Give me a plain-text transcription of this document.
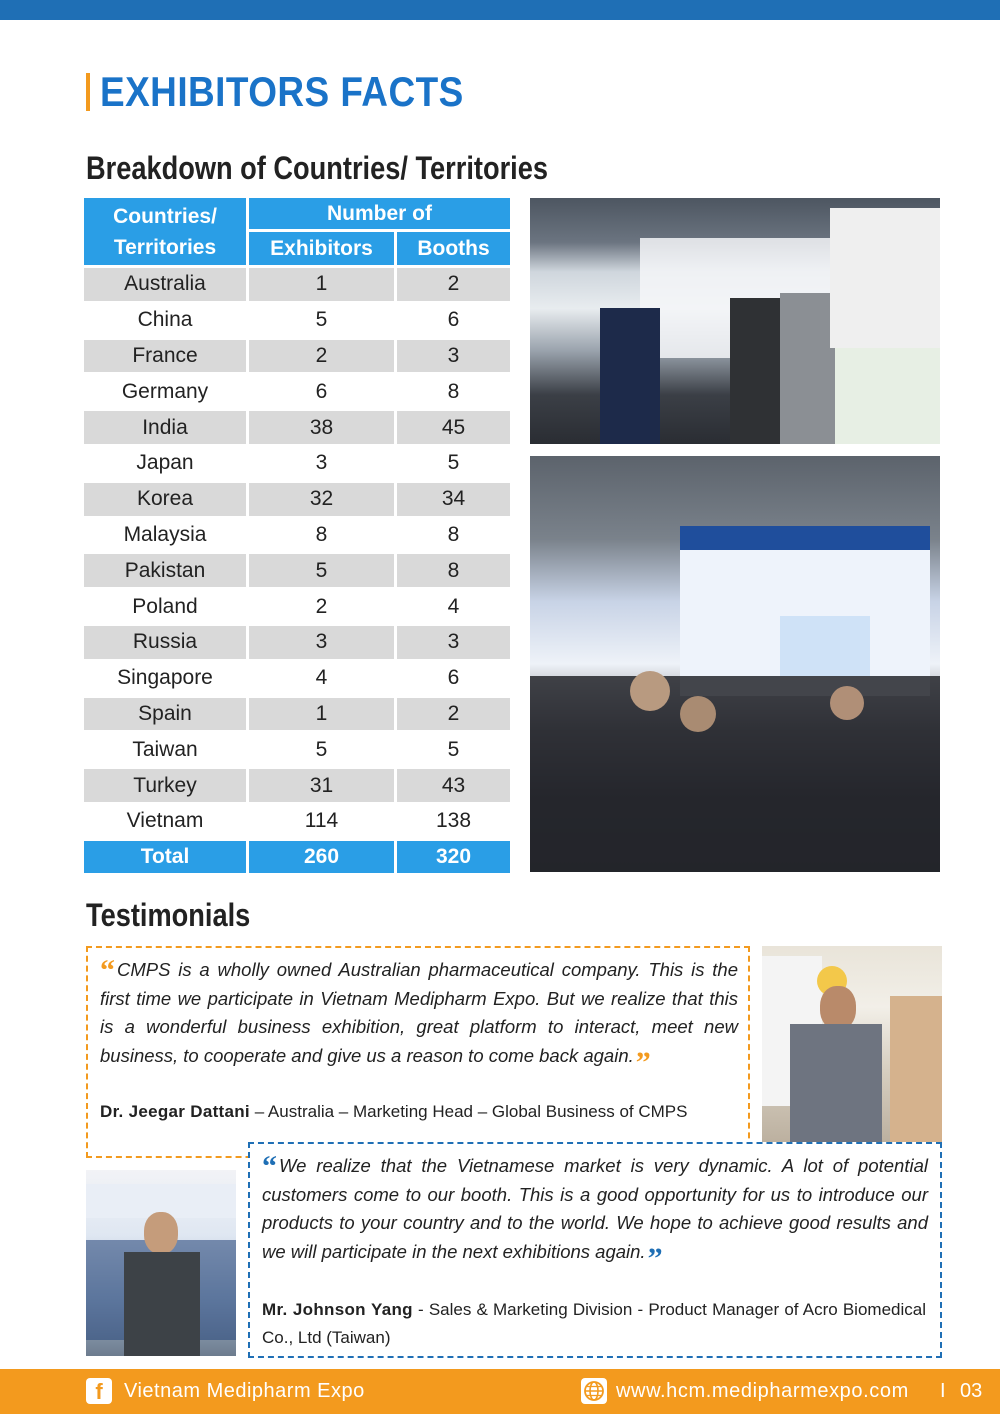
EXHIBITORS FACTS
Breakdown of Countries/ Territories
Countries/
Territories
Number of
Exhibitors	Booths
Australia	1	2
China	5	6
France	2	3
Germany	6	8
India	38	45
Japan	3	5
Korea	32	34
Malaysia	8	8
Pakistan	5	8
Poland	2	4
Russia	3	3
Singapore	4	6
Spain	1	2
Taiwan	5	5
Turkey	31	43
Vietnam	114	138
Total	260	320
Testimonials
“ CMPS is a wholly owned Australian pharmaceutical company. This is the first time we participate in Vietnam Medipharm Expo. But we realize that this is a wonderful business exhibition, great platform to interact, meet new business, to cooperate and give us a reason to come back again.”
Dr. Jeegar Dattani – Australia – Marketing Head – Global Business of CMPS
“ We realize that the Vietnamese market is very dynamic. A lot of potential customers come to our booth. This is a good opportunity for us to introduce our products to your country and to the world. We hope to achieve good results and we will participate in the next exhibitions again.”
Mr. Johnson Yang - Sales & Marketing Division - Product Manager of Acro Biomedical Co., Ltd (Taiwan)
f	Vietnam Medipharm Expo	www.hcm.medipharmexpo.com I 03
